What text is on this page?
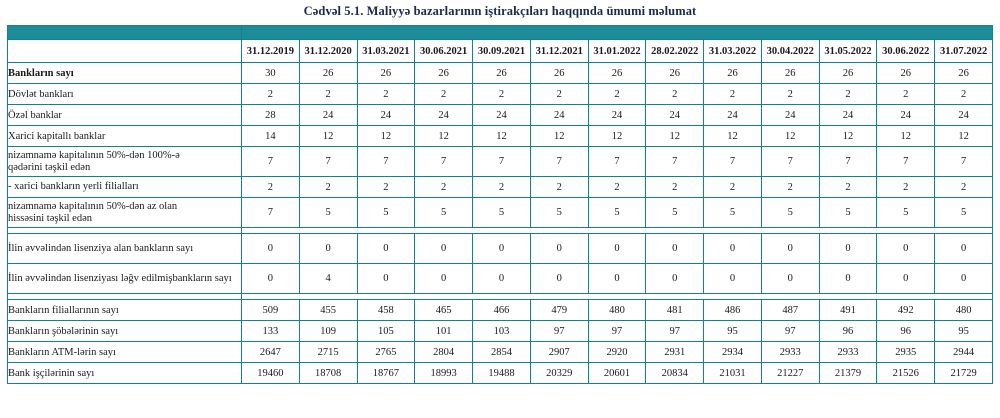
Cədvəl 5.1. Maliyyə bazarlarının iştirakçıları haqqında ümumi məlumat

	31.12.2019	31.12.2020	31.03.2021	30.06.2021	30.09.2021	31.12.2021	31.01.2022	28.02.2022	31.03.2022	30.04.2022	31.05.2022	30.06.2022	31.07.2022
Bankların sayı	30	26	26	26	26	26	26	26	26	26	26	26	26
Dövlət bankları	2	2	2	2	2	2	2	2	2	2	2	2	2
Özəl banklar	28	24	24	24	24	24	24	24	24	24	24	24	24
Xarici kapitallı banklar	14	12	12	12	12	12	12	12	12	12	12	12	12

nizamnamə kapitalının 50%-dən 100%-ə
qədərini təşkil edən	7	7	7	7	7	7	7	7	7	7	7	7	7
- xarici bankların yerli filialları	2	2	2	2	2	2	2	2	2	2	2	2	2

nizamnamə kapitalının 50%-dən az olan
hissəsini təşkil edən	7	5	5	5	5	5	5	5	5	5	5	5	5

İlin əvvəlindən lisenziya alan bankların sayı	0	0	0	0	0	0	0	0	0	0	0	0	0
İlin əvvəlindən lisenziyası ləğv edilmişbankların sayı	0	4	0	0	0	0	0	0	0	0	0	0	0

Bankların filiallarının sayı	509	455	458	465	466	479	480	481	486	487	491	492	480
Bankların şöbələrinin sayı	133	109	105	101	103	97	97	97	95	97	96	96	95
Bankların ATM-lərin sayı	2647	2715	2765	2804	2854	2907	2920	2931	2934	2933	2933	2935	2944
Bank işçilərinin sayı	19460	18708	18767	18993	19488	20329	20601	20834	21031	21227	21379	21526	21729
